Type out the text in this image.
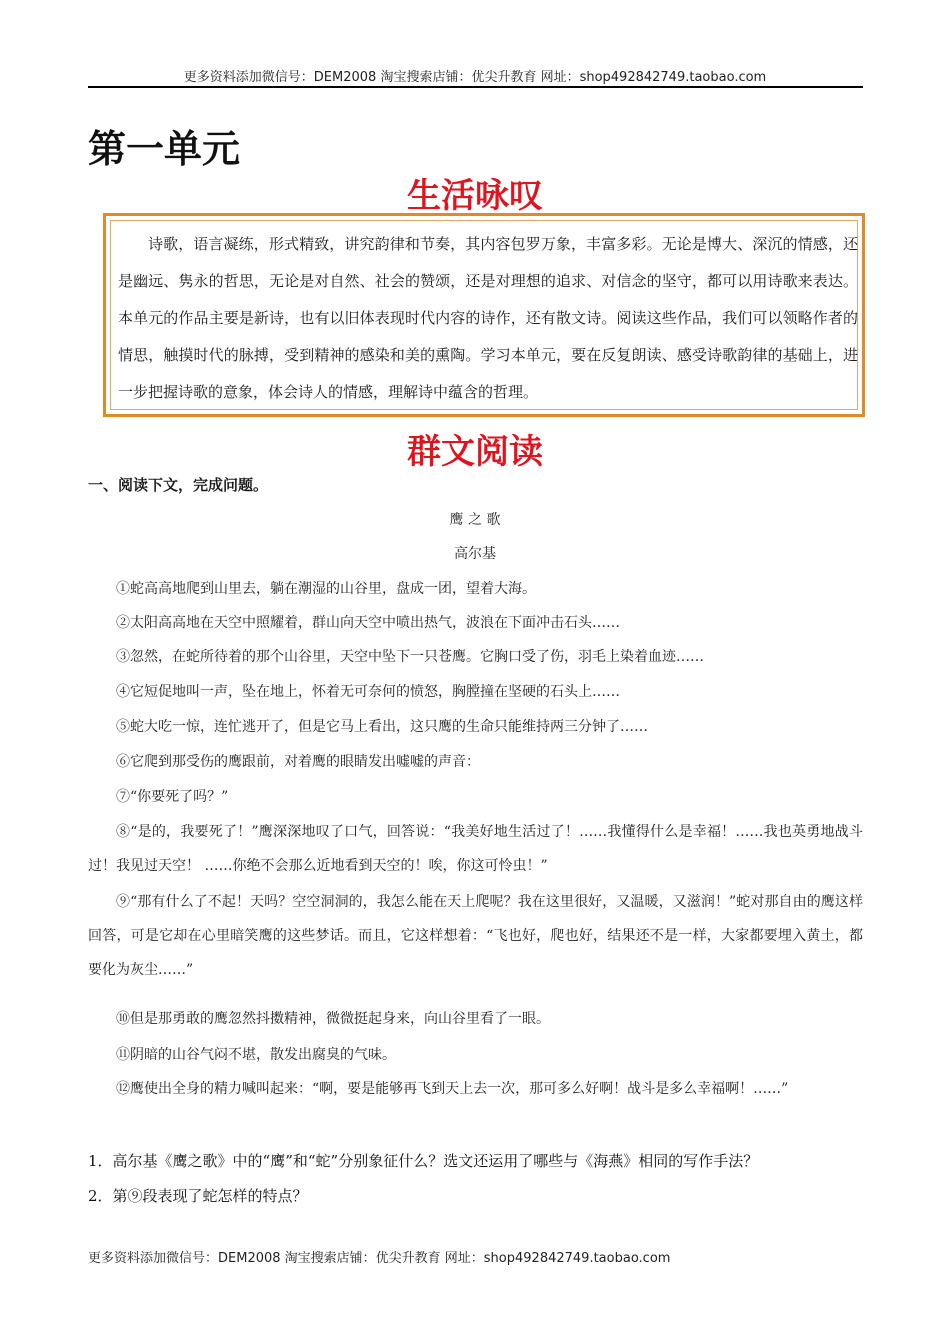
更多资料添加微信号：DEM2008 淘宝搜索店铺：优尖升教育 网址：shop492842749.taobao.com
第一单元
生活咏叹

诗歌，语言凝练，形式精致，讲究韵律和节奏，其内容包罗万象，丰富多彩。无论是博大、深沉的情感，还是幽远、隽永的哲思，无论是对自然、社会的赞颂，还是对理想的追求、对信念的坚守，都可以用诗歌来表达。本单元的作品主要是新诗，也有以旧体表现时代内容的诗作，还有散文诗。阅读这些作品，我们可以领略作者的情思，触摸时代的脉搏，受到精神的感染和美的熏陶。学习本单元，要在反复朗读、感受诗歌韵律的基础上，进一步把握诗歌的意象，体会诗人的情感，理解诗中蕴含的哲理。

群文阅读
一、阅读下文，完成问题。
鹰 之 歌
高尔基

①蛇高高地爬到山里去，躺在潮湿的山谷里，盘成一团，望着大海。

②太阳高高地在天空中照耀着，群山向天空中喷出热气，波浪在下面冲击石头……

③忽然，在蛇所待着的那个山谷里，天空中坠下一只苍鹰。它胸口受了伤，羽毛上染着血迹……

④它短促地叫一声，坠在地上，怀着无可奈何的愤怒，胸膛撞在坚硬的石头上……

⑤蛇大吃一惊，连忙逃开了，但是它马上看出，这只鹰的生命只能维持两三分钟了……

⑥它爬到那受伤的鹰跟前，对着鹰的眼睛发出嘘嘘的声音：

⑦“你要死了吗？”

⑧“是的，我要死了！”鹰深深地叹了口气，回答说：“我美好地生活过了！……我懂得什么是幸福！……我也英勇地战斗过！我见过天空！ ……你绝不会那么近地看到天空的！唉，你这可怜虫！”

⑨“那有什么了不起！天吗？空空洞洞的，我怎么能在天上爬呢？我在这里很好，又温暖，又滋润！”蛇对那自由的鹰这样回答，可是它却在心里暗笑鹰的这些梦话。而且，它这样想着：“飞也好，爬也好，结果还不是一样，大家都要埋入黄土，都要化为灰尘……”

⑩但是那勇敢的鹰忽然抖擞精神，微微挺起身来，向山谷里看了一眼。

⑪阴暗的山谷气闷不堪，散发出腐臭的气味。

⑫鹰使出全身的精力喊叫起来：“啊，要是能够再飞到天上去一次，那可多么好啊！战斗是多么幸福啊！……”

1．高尔基《鹰之歌》中的“鹰”和“蛇”分别象征什么？选文还运用了哪些与《海燕》相同的写作手法？

2．第⑨段表现了蛇怎样的特点？

更多资料添加微信号：DEM2008 淘宝搜索店铺：优尖升教育 网址：shop492842749.taobao.com
